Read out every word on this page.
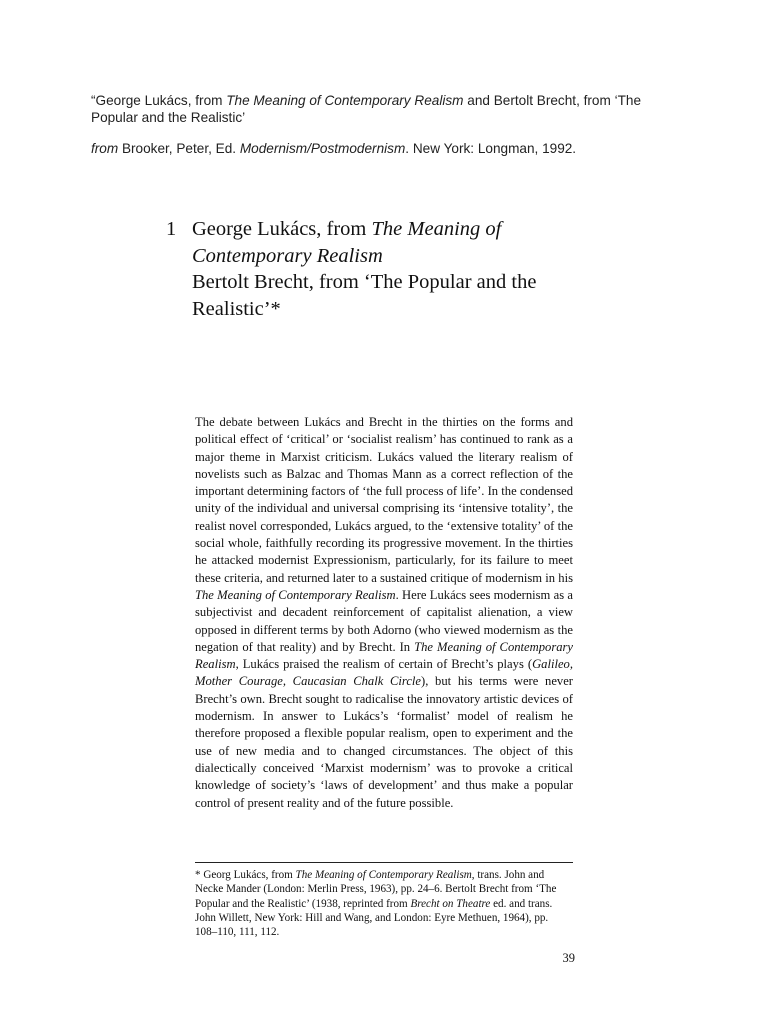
“George Lukács, from The Meaning of Contemporary Realism and Bertolt Brecht, from ‘The Popular and the Realistic’

from Brooker, Peter, Ed. Modernism/Postmodernism. New York: Longman, 1992.

1 George Lukács, from The Meaning of
Contemporary Realism
Bertolt Brecht, from ‘The Popular and the
Realistic’*

The debate between Lukács and Brecht in the thirties on the forms and political effect of ‘critical’ or ‘socialist realism’ has continued to rank as a major theme in Marxist criticism. Lukács valued the literary realism of novelists such as Balzac and Thomas Mann as a correct reflection of the important determining factors of ‘the full process of life’. In the condensed unity of the individual and universal comprising its ‘intensive totality’, the realist novel corresponded, Lukács argued, to the ‘extensive totality’ of the social whole, faithfully recording its progressive movement. In the thirties he attacked modernist Expressionism, particularly, for its failure to meet these criteria, and returned later to a sustained critique of modernism in his The Meaning of Contemporary Realism. Here Lukács sees modernism as a subjectivist and decadent reinforcement of capitalist alienation, a view opposed in different terms by both Adorno (who viewed modernism as the negation of that reality) and by Brecht. In The Meaning of Contemporary Realism, Lukács praised the realism of certain of Brecht’s plays (Galileo, Mother Courage, Caucasian Chalk Circle), but his terms were never Brecht’s own. Brecht sought to radicalise the innovatory artistic devices of modernism. In answer to Lukács’s ‘formalist’ model of realism he therefore proposed a flexible popular realism, open to experiment and the use of new media and to changed circumstances. The object of this dialectically conceived ‘Marxist modernism’ was to provoke a critical knowledge of society’s ‘laws of development’ and thus make a popular control of present reality and of the future possible.

* Georg Lukács, from The Meaning of Contemporary Realism, trans. John and Necke Mander (London: Merlin Press, 1963), pp. 24–6. Bertolt Brecht from ‘The Popular and the Realistic’ (1938, reprinted from Brecht on Theatre ed. and trans. John Willett, New York: Hill and Wang, and London: Eyre Methuen, 1964), pp. 108–110, 111, 112.

39
